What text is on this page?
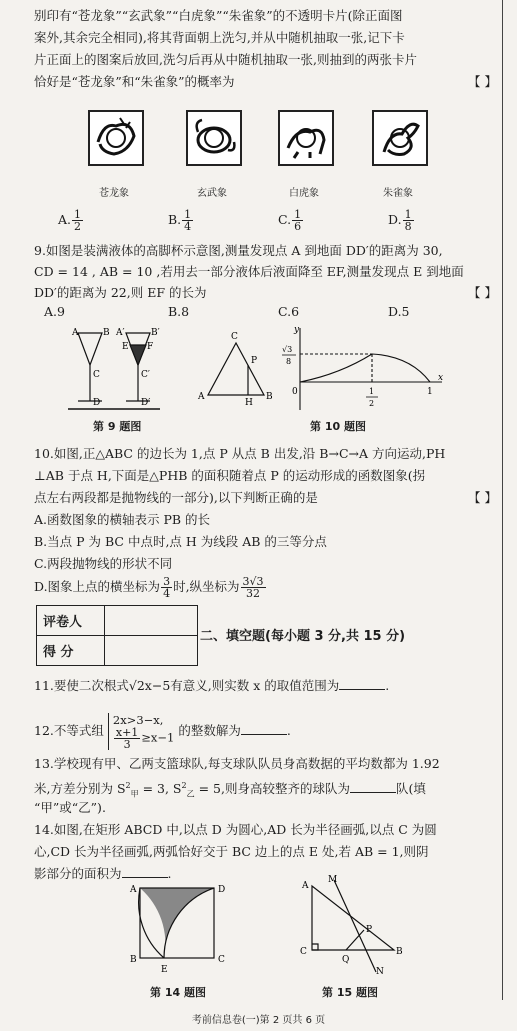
别印有“苍龙象”“玄武象”“白虎象”“朱雀象”的不透明卡片(除正面图
案外,其余完全相同),将其背面朝上洗匀,并从中随机抽取一张,记下卡
片正面上的图案后放回,洗匀后再从中随机抽取一张,则抽到的两张卡片
恰好是“苍龙象”和“朱雀象”的概率为	【 】
苍龙象	玄武象	白虎象	朱雀象
A. $\frac{1}{2}$	B. $\frac{1}{4}$	C. $\frac{1}{6}$	D. $\frac{1}{8}$
9.如图是装满液体的高脚杯示意图,测量发现点 A 到地面 DD′的距离为 30,
CD = 14 , AB = 10 ,若用去一部分液体后液面降至 EF,测量发现点 E 到地面
DD′的距离为 22,则 EF 的长为	【 】
A.9	B.8	C.6	D.5
A	B A′	B′
E F
C	C′
D	D′
第 9 题图
A	B
C
P
H
y
x
√3
8
0	1
2
1
第 10 题图
10.如图,正△ABC 的边长为 1,点 P 从点 B 出发,沿 B→C→A 方向运动,PH
⊥AB 于点 H,下面是△PHB 的面积随着点 P 的运动形成的函数图象(拐
点左右两段都是抛物线的一部分),以下判断正确的是	【 】
A.函数图象的横轴表示 PB 的长
B.当点 P 为 BC 中点时,点 H 为线段 AB 的三等分点
C.两段抛物线的形状不同
D.图象上点的横坐标为 $\frac{3}{4}$ 时,纵坐标为 $\frac{3√3}{32}$
评卷人	
得 分	
二、填空题(每小题 3 分,共 15 分)
11.要使二次根式√2x−5有意义,则实数 x 的取值范围为	.
12.不等式组
2x>3−x,
$\frac{x+1}{3} \ge x-1$ 的整数解为	.
13.学校现有甲、乙两支篮球队,每支球队队员身高数据的平均数都为 1.92
米,方差分别为 $S^2_甲 = 3$, $S^2_乙 = 5$,则身高较整齐的球队为	队(填
“甲”或“乙”).
14.如图,在矩形 ABCD 中,以点 D 为圆心,AD 长为半径画弧,以点 C 为圆
心,CD 长为半径画弧,两弧恰好交于 BC 边上的点 E 处,若 AB = 1,则阴
影部分的面积为	.
A	D
B	C
E
第 14 题图
A
M
P
C
Q
N
B
第 15 题图
考前信息卷(一)第 2 页共 6 页
